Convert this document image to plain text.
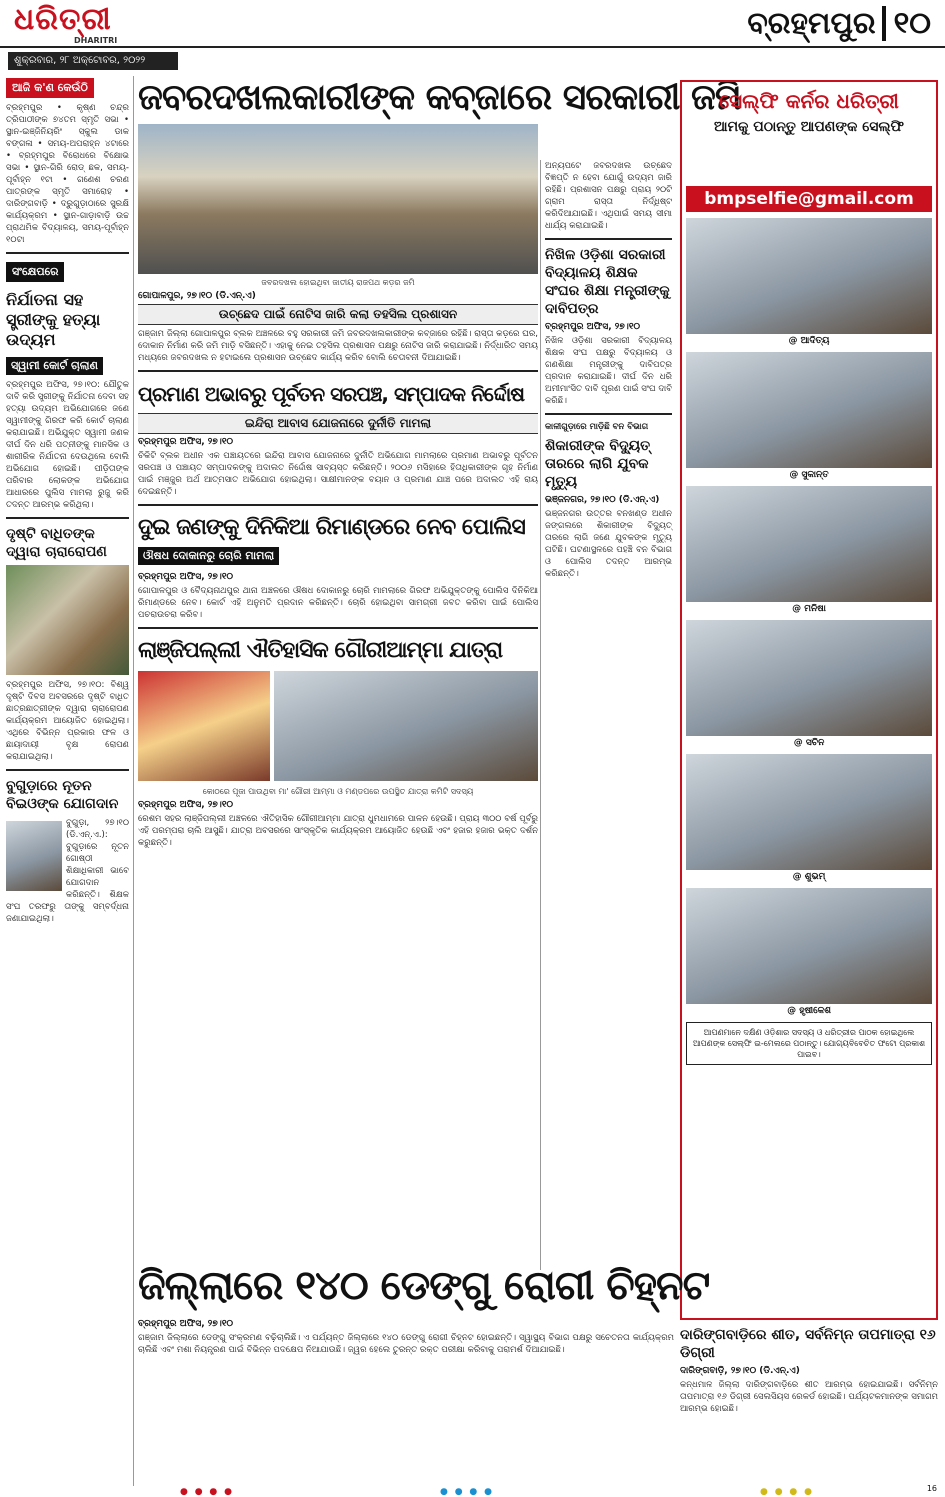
ଧରିତ୍ରୀ
DHARITRI	ବ୍ରହ୍ମପୁର ୧୦
ଶୁକ୍ରବାର, ୨୮ ଅକ୍ଟୋବର, ୨୦୨୨
ଆଜି କ'ଣ କେଉଁଠି

ବ୍ରହ୍ମପୁର • କୃଷ୍ଣ ଚନ୍ଦ୍ର ତ୍ରିପାଠୀଙ୍କ ୭୪ତମ ସ୍ମୃତି ସଭା • ସ୍ଥାନ-ଇଞ୍ଜିନିୟରିଂ ସ୍କୁଲ ଡାକ ବଙ୍ଗଳା • ସମୟ-ଅପରାହ୍ନ ୪ଟାରେ • ବ୍ରହ୍ମପୁର ବିରୋଧରେ ବିକ୍ଷୋଭ ସଭା • ସ୍ଥାନ-ଗିରି ରୋଡ୍ ଛକ, ସମୟ-ପୂର୍ବାହ୍ନ ୧ଟା • ଗଣେଶ ଚରଣ ପାତ୍ରଙ୍କ ସ୍ମୃତି ସମାରୋହ • ଦାରିଙ୍ଗବାଡ଼ି • ଦ୍ରୁଗୁଡ଼ାଠାରେ ସୁରକ୍ଷି କାର୍ଯ୍ୟକ୍ରମ • ସ୍ଥାନ-ଗାଡ଼ାବାଡ଼ି ଉଚ୍ଚ ପ୍ରାଥମିକ ବିଦ୍ୟାଳୟ, ସମୟ-ପୂର୍ବାହ୍ନ ୧୦ଟା

ସଂକ୍ଷେପରେ
ନିର୍ଯାତନା ସହ ସ୍ତ୍ରୀଙ୍କୁ ହତ୍ୟା ଉଦ୍ୟମ
ସ୍ୱାମୀ କୋର୍ଟ ଚାଲାଣ

ବ୍ରହ୍ମପୁର ଅଫିସ, ୨୭।୧୦: ଯୌତୁକ ଦାବି କରି ସ୍ତ୍ରୀଙ୍କୁ ନିର୍ଯାତନା ଦେବା ସହ ହତ୍ୟା ଉଦ୍ୟମ ଅଭିଯୋଗରେ ଜଣେ ସ୍ୱାମୀଙ୍କୁ ଗିରଫ କରି କୋର୍ଟ ଚାଲାଣ କରାଯାଇଛି। ଅଭିଯୁକ୍ତ ସ୍ୱାମୀ ଜଣକ ଦୀର୍ଘ ଦିନ ଧରି ପତ୍ନୀଙ୍କୁ ମାନସିକ ଓ ଶାରୀରିକ ନିର୍ଯାତନା ଦେଉଥିଲେ ବୋଲି ଅଭିଯୋଗ ହୋଇଛି। ପୀଡ଼ିତାଙ୍କ ପରିବାର ଲୋକଙ୍କ ଅଭିଯୋଗ ଆଧାରରେ ପୁଲିସ ମାମଲା ରୁଜୁ କରି ତଦନ୍ତ ଆରମ୍ଭ କରିଥିଲା।

ଦୃଷ୍ଟି ବାଧିତଙ୍କ ଦ୍ୱାରା ଚାରାରୋପଣ

ବ୍ରହ୍ମପୁର ଅଫିସ, ୨୭।୧୦: ବିଶ୍ୱ ଦୃଷ୍ଟି ଦିବସ ଅବସରରେ ଦୃଷ୍ଟି ବାଧିତ ଛାତ୍ରଛାତ୍ରୀଙ୍କ ଦ୍ୱାରା ଚାରାରୋପଣ କାର୍ଯ୍ୟକ୍ରମ ଆୟୋଜିତ ହୋଇଥିଲା। ଏଥିରେ ବିଭିନ୍ନ ପ୍ରକାର ଫଳ ଓ ଛାୟାଦାୟୀ ବୃକ୍ଷ ରୋପଣ କରାଯାଇଥିଲା।

ବୁଗୁଡ଼ାରେ ନୂତନ ବିଇଓଙ୍କ ଯୋଗଦାନ

ବୁଗୁଡ଼ା, ୨୭।୧୦ (ଡି.ଏନ୍.ଏ.): ବୁଗୁଡ଼ାରେ ନୂତନ ଗୋଷ୍ଠୀ ଶିକ୍ଷାଧିକାରୀ ଭାବେ ଯୋଗଦାନ କରିଛନ୍ତି। ଶିକ୍ଷକ ସଂଘ ତରଫରୁ ତାଙ୍କୁ ସମ୍ବର୍ଦ୍ଧନା ଜଣାଯାଇଥିଲା।

ଜବରଦଖଲକାରୀଙ୍କ କବ୍ଜାରେ ସରକାରୀ ଜମି
ଜବରଦଖଲ ହୋଇଥିବା ଜାତୀୟ ରାଜପଥ କଡ଼ର ଜମି
ଗୋପାଳପୁର, ୨୭।୧୦ (ଡି.ଏନ୍.ଏ)
ଉଚ୍ଛେଦ ପାଇଁ ନୋଟିସ ଜାରି କଲା ତହସିଲ ପ୍ରଶାସନ

ଗଞ୍ଜାମ ଜିଲ୍ଲା ଗୋପାଳପୁର ବ୍ଲକ ଅଞ୍ଚଳରେ ବହୁ ସରକାରୀ ଜମି ଜବରଦଖଲକାରୀଙ୍କ କବ୍ଜାରେ ରହିଛି। ରାସ୍ତା କଡ଼ରେ ଘର, ଦୋକାନ ନିର୍ମାଣ କରି ଜମି ମାଡ଼ି ବସିଛନ୍ତି। ଏହାକୁ ନେଇ ତହସିଲ ପ୍ରଶାସନ ପକ୍ଷରୁ ନୋଟିସ ଜାରି କରାଯାଇଛି। ନିର୍ଦ୍ଧାରିତ ସମୟ ମଧ୍ୟରେ ଜବରଦଖଲ ନ ହଟାଇଲେ ପ୍ରଶାସନ ଉଚ୍ଛେଦ କାର୍ଯ୍ୟ କରିବ ବୋଲି ଚେତାବନୀ ଦିଆଯାଇଛି।

ପ୍ରମାଣ ଅଭାବରୁ ପୂର୍ବତନ ସରପଞ୍ଚ, ସମ୍ପାଦକ ନିର୍ଦ୍ଦୋଷ
ଇନ୍ଦିରା ଆବାସ ଯୋଜନାରେ ଦୁର୍ନୀତି ମାମଲା
ବ୍ରହ୍ମପୁର ଅଫିସ, ୨୭।୧୦

ଚିକିଟି ବ୍ଲକ ଅଧୀନ ଏକ ପଞ୍ଚାୟତରେ ଇନ୍ଦିରା ଆବାସ ଯୋଜନାରେ ଦୁର୍ନୀତି ଅଭିଯୋଗ ମାମଲାରେ ପ୍ରମାଣ ଅଭାବରୁ ପୂର୍ବତନ ସରପଞ୍ଚ ଓ ପଞ୍ଚାୟତ ସମ୍ପାଦକଙ୍କୁ ଅଦାଲତ ନିର୍ଦ୍ଦୋଷ ସାବ୍ୟସ୍ତ କରିଛନ୍ତି। ୨୦୦୬ ମସିହାରେ ହିତାଧିକାରୀଙ୍କ ଗୃହ ନିର୍ମାଣ ପାଇଁ ମଞ୍ଜୁର ଅର୍ଥ ଆତ୍ମସାତ ଅଭିଯୋଗ ହୋଇଥିଲା। ସାକ୍ଷୀମାନଙ୍କ ବୟାନ ଓ ପ୍ରମାଣ ଯାଞ୍ଚ ପରେ ଅଦାଲତ ଏହି ରାୟ ଦେଇଛନ୍ତି।

ଦୁଇ ଜଣଙ୍କୁ ଦିନିକିଆ ରିମାଣ୍ଡରେ ନେବ ପୋଲିସ
ଔଷଧ ଦୋକାନରୁ ଚୋରି ମାମଲା
ବ୍ରହ୍ମପୁର ଅଫିସ, ୨୭।୧୦

ଗୋପାଳପୁର ଓ ବୈଦ୍ୟନାଥପୁର ଥାନା ଅଞ୍ଚଳରେ ଔଷଧ ଦୋକାନରୁ ଚୋରି ମାମଲାରେ ଗିରଫ ଅଭିଯୁକ୍ତଙ୍କୁ ପୋଲିସ ଦିନିକିଆ ରିମାଣ୍ଡରେ ନେବ। କୋର୍ଟ ଏହି ଅନୁମତି ପ୍ରଦାନ କରିଛନ୍ତି। ଚୋରି ହୋଇଥିବା ସାମଗ୍ରୀ ଜବତ କରିବା ପାଇଁ ପୋଲିସ ପଚରାଉଚରା କରିବ।

ଲାଞ୍ଜିପଲ୍ଲୀ ଐତିହାସିକ ଗୌରୀଆମ୍ମା ଯାତ୍ରା
କୋଠରେ ପୂଜା ପାଉଥିବା ମା' ଗୌରୀ ଆମ୍ମା ଓ ମଣ୍ଡପରେ ଉପସ୍ଥିତ ଯାତ୍ରା କମିଟି ସଦସ୍ୟ
ବ୍ରହ୍ମପୁର ଅଫିସ, ୨୭।୧୦

ରେଶମ ସହର ଲାଞ୍ଜିପଲ୍ଲୀ ଅଞ୍ଚଳରେ ଐତିହାସିକ ଗୌରୀଆମ୍ମା ଯାତ୍ରା ଧୁମଧାମରେ ପାଳନ ହେଉଛି। ପ୍ରାୟ ୩୦୦ ବର୍ଷ ପୂର୍ବରୁ ଏହି ପରମ୍ପରା ଚାଲି ଆସୁଛି। ଯାତ୍ରା ଅବସରରେ ସାଂସ୍କୃତିକ କାର୍ଯ୍ୟକ୍ରମ ଆୟୋଜିତ ହେଉଛି ଏବଂ ହଜାର ହଜାର ଭକ୍ତ ଦର୍ଶନ କରୁଛନ୍ତି।

ଅନ୍ୟପଟେ ଜବରଦଖଲ ଉଚ୍ଛେଦ ବିଜ୍ଞପ୍ତି ନ ହେବା ଯୋଗୁଁ ଉଦ୍ୟମ ଜାରି ରହିଛି। ପ୍ରଶାସନ ପକ୍ଷରୁ ପ୍ରାୟ ୨୦ଟି ଗ୍ରାମ ରାସ୍ତା ନିର୍ଦ୍ଧିଷ୍ଟ କରିଦିଆଯାଇଛି। ଏଥିପାଇଁ ସମୟ ସୀମା ଧାର୍ଯ୍ୟ କରାଯାଇଛି।

ନିଖିଳ ଓଡ଼ିଶା ସରକାରୀ ବିଦ୍ୟାଳୟ ଶିକ୍ଷକ ସଂଘର ଶିକ୍ଷା ମନ୍ତ୍ରୀଙ୍କୁ ଦାବିପତ୍ର
ବ୍ରହ୍ମପୁର ଅଫିସ, ୨୭।୧୦

ନିଖିଳ ଓଡ଼ିଶା ସରକାରୀ ବିଦ୍ୟାଳୟ ଶିକ୍ଷକ ସଂଘ ପକ୍ଷରୁ ବିଦ୍ୟାଳୟ ଓ ଗଣଶିକ୍ଷା ମନ୍ତ୍ରୀଙ୍କୁ ଦାବିପତ୍ର ପ୍ରଦାନ କରାଯାଇଛି। ଦୀର୍ଘ ଦିନ ଧରି ଅମୀମାଂସିତ ଦାବି ପୂରଣ ପାଇଁ ସଂଘ ଦାବି କରିଛି।

କାଳୀଗୁଡ଼ାରେ ମାଡ଼ିଛି ବନ ବିଭାଗ
ଶିକାରୀଙ୍କ ବିଦ୍ୟୁତ୍ ତାରରେ ଲାଗି ଯୁବକ ମୃତ୍ୟୁ
ଭଞ୍ଜନଗର, ୨୭।୧୦ (ଡି.ଏନ୍.ଏ)

ଭଞ୍ଜନଗର ଉତ୍ତର ବନଖଣ୍ଡ ଅଧୀନ ଜଙ୍ଗଲରେ ଶିକାରୀଙ୍କ ବିଦ୍ୟୁତ୍ ତାରରେ ଲାଗି ଜଣେ ଯୁବକଙ୍କ ମୃତ୍ୟୁ ଘଟିଛି। ଘଟଣାସ୍ଥଳରେ ପହଞ୍ଚି ବନ ବିଭାଗ ଓ ପୋଲିସ ତଦନ୍ତ ଆରମ୍ଭ କରିଛନ୍ତି।

ସେଲ୍ଫି କର୍ନର ଧରିତ୍ରୀ
ଆମକୁ ପଠାନ୍ତୁ ଆପଣଙ୍କ ସେଲ୍ଫି
bmpselfie@gmail.com
@ ଆଦିତ୍ୟ
@ ସୁକାନ୍ତ
@ ମନିଷା
@ ସଚିନ
@ ଶୁଭମ୍
@ ହୃଷୀକେଶ
ଆପଣମାନେ ଦକ୍ଷିଣ ଓଡ଼ିଶାର ସଦସ୍ୟ ଓ ଧରିତ୍ରୀର ପାଠକ ହୋଇଥିଲେ ଆପଣଙ୍କ ସେଲ୍ଫି ଇ-ମେଲରେ ପଠାନ୍ତୁ। ଯୋଗ୍ୟବିବେଚିତ ଫଟୋ ପ୍ରକାଶ ପାଇବ।
ଜିଲ୍ଲାରେ ୧୪୦ ଡେଙ୍ଗୁ ରୋଗୀ ଚିହ୍ନଟ
ବ୍ରହ୍ମପୁର ଅଫିସ, ୨୭।୧୦

ଗଞ୍ଜାମ ଜିଲ୍ଲାରେ ଡେଙ୍ଗୁ ସଂକ୍ରମଣ ବଢ଼ିଚାଲିଛି। ଏ ପର୍ଯ୍ୟନ୍ତ ଜିଲ୍ଲାରେ ୧୪୦ ଡେଙ୍ଗୁ ରୋଗୀ ଚିହ୍ନଟ ହୋଇଛନ୍ତି। ସ୍ୱାସ୍ଥ୍ୟ ବିଭାଗ ପକ୍ଷରୁ ସଚେତନତା କାର୍ଯ୍ୟକ୍ରମ ଚାଲିଛି ଏବଂ ମଶା ନିୟନ୍ତ୍ରଣ ପାଇଁ ବିଭିନ୍ନ ପଦକ୍ଷେପ ନିଆଯାଉଛି। ଜ୍ୱର ହେଲେ ତୁରନ୍ତ ରକ୍ତ ପରୀକ୍ଷା କରିବାକୁ ପରାମର୍ଶ ଦିଆଯାଇଛି।

ଦାରିଙ୍ଗବାଡ଼ିରେ ଶୀତ, ସର୍ବନିମ୍ନ ତାପମାତ୍ରା ୧୬ ଡିଗ୍ରୀ
ଦାରିଙ୍ଗବାଡ଼ି, ୨୭।୧୦ (ଡି.ଏନ୍.ଏ)

କନ୍ଧମାଳ ଜିଲ୍ଲା ଦାରିଙ୍ଗବାଡ଼ିରେ ଶୀତ ଆରମ୍ଭ ହୋଇଯାଇଛି। ସର୍ବନିମ୍ନ ତାପମାତ୍ରା ୧୬ ଡିଗ୍ରୀ ସେଲସିୟସ ରେକର୍ଡ ହୋଇଛି। ପର୍ଯ୍ୟଟକମାନଙ୍କ ସମାଗମ ଆରମ୍ଭ ହୋଇଛି।

● ● ● ●	● ● ● ●	● ● ● ●	16
